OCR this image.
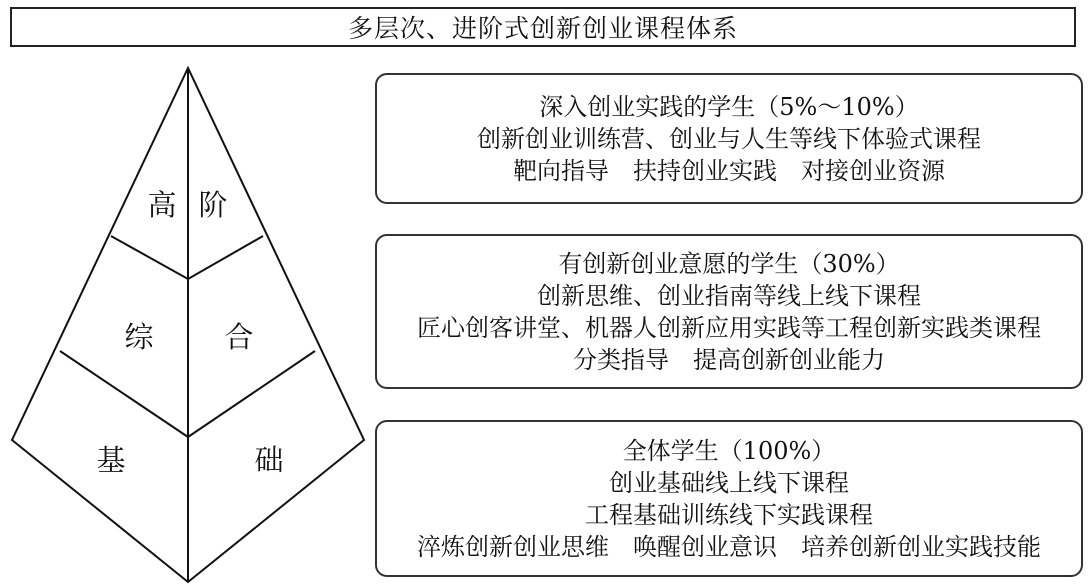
多层次、进阶式创新创业课程体系
高 阶
综 合
基	础
深入创业实践的学生（5%～10%）
创新创业训练营、创业与人生等线下体验式课程
靶向指导　扶持创业实践　对接创业资源
有创新创业意愿的学生（30%）
创新思维、创业指南等线上线下课程
匠心创客讲堂、机器人创新应用实践等工程创新实践类课程
分类指导　提高创新创业能力
全体学生（100%）
创业基础线上线下课程
工程基础训练线下实践课程
淬炼创新创业思维　唤醒创业意识　培养创新创业实践技能
